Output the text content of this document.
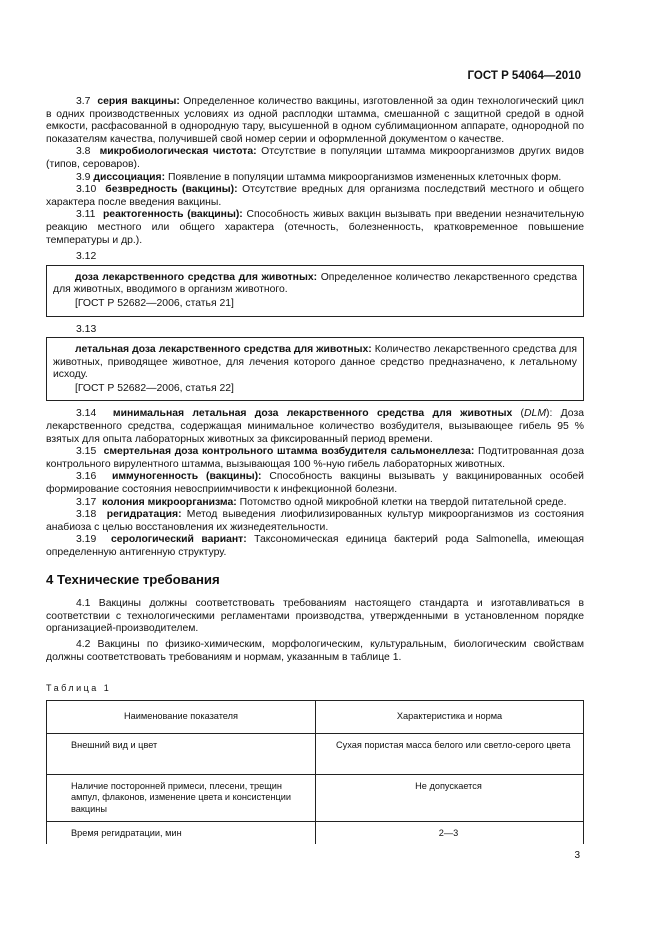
ГОСТ Р 54064—2010

3.7 серия вакцины: Определенное количество вакцины, изготовленной за один технологический цикл в одних производственных условиях из одной расплодки штамма, смешанной с защитной средой в одной емкости, расфасованной в однородную тару, высушенной в одном сублимационном аппарате, однородной по показателям качества, получившей свой номер серии и оформленной документом о качестве.

3.8 микробиологическая чистота: Отсутствие в популяции штамма микроорганизмов других видов (типов, сероваров).

3.9 диссоциация: Появление в популяции штамма микроорганизмов измененных клеточных форм.

3.10 безвредность (вакцины): Отсутствие вредных для организма последствий местного и общего характера после введения вакцины.

3.11 реактогенность (вакцины): Способность живых вакцин вызывать при введении незначительную реакцию местного или общего характера (отечность, болезненность, кратковременное повышение температуры и др.).

3.12

доза лекарственного средства для животных: Определенное количество лекарственного средства для животных, вводимого в организм животного.

[ГОСТ Р 52682—2006, статья 21]

3.13

летальная доза лекарственного средства для животных: Количество лекарственного средства для животных, приводящее животное, для лечения которого данное средство предназначено, к летальному исходу.

[ГОСТ Р 52682—2006, статья 22]

3.14 минимальная летальная доза лекарственного средства для животных (DLM): Доза лекарственного средства, содержащая минимальное количество возбудителя, вызывающее гибель 95 % взятых для опыта лабораторных животных за фиксированный период времени.

3.15 смертельная доза контрольного штамма возбудителя сальмонеллеза: Подтитрованная доза контрольного вирулентного штамма, вызывающая 100 %-ную гибель лабораторных животных.

3.16 иммуногенность (вакцины): Способность вакцины вызывать у вакцинированных особей формирование состояния невосприимчивости к инфекционной болезни.

3.17 колония микроорганизма: Потомство одной микробной клетки на твердой питательной среде.

3.18 регидратация: Метод выведения лиофилизированных культур микроорганизмов из состояния анабиоза с целью восстановления их жизнедеятельности.

3.19 серологический вариант: Таксономическая единица бактерий рода Salmonella, имеющая определенную антигенную структуру.

4 Технические требования

4.1 Вакцины должны соответствовать требованиям настоящего стандарта и изготавливаться в соответствии с технологическими регламентами производства, утвержденными в установленном порядке организацией-производителем.

4.2 Вакцины по физико-химическим, морфологическим, культуральным, биологическим свойствам должны соответствовать требованиям и нормам, указанным в таблице 1.

Таблица 1
Наименование показателя	Характеристика и норма
Внешний вид и цвет	Сухая пористая масса белого или светло-серого цвета
Наличие посторонней примеси, плесени, трещин ампул, флаконов, изменение цвета и консистенции вакцины	Не допускается
Время регидратации, мин	2—3
3
